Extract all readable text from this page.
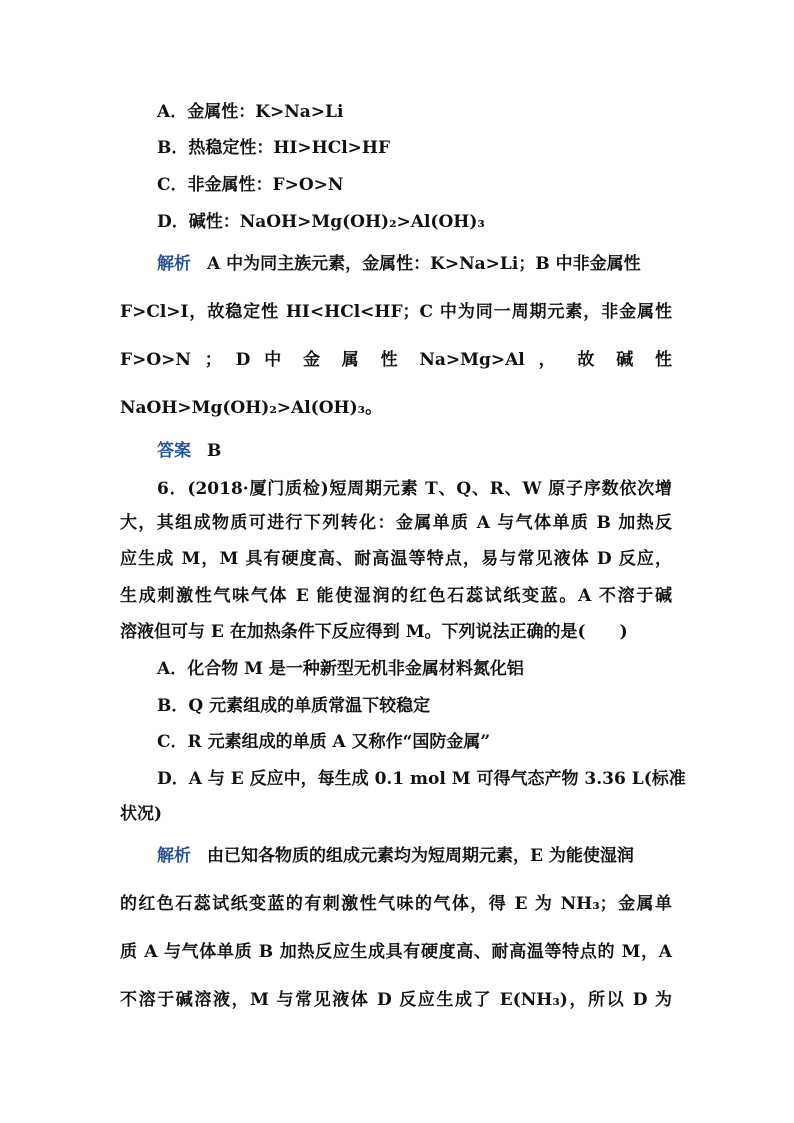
A．金属性：K>Na>Li
B．热稳定性：HI>HCl>HF
C．非金属性：F>O>N
D．碱性：NaOH>Mg(OH)₂>Al(OH)₃
解析 A 中为同主族元素，金属性：K>Na>Li；B 中非金属性
F>Cl>I，故稳定性 HI<HCl<HF；C 中为同一周期元素，非金属性
F>O>N ； D 中 金 属 性 Na>Mg>Al ， 故 碱 性
NaOH>Mg(OH)₂>Al(OH)₃。
答案 B
6．(2018·厦门质检)短周期元素 T、Q、R、W 原子序数依次增
大，其组成物质可进行下列转化：金属单质 A 与气体单质 B 加热反
应生成 M，M 具有硬度高、耐高温等特点，易与常见液体 D 反应，
生成刺激性气味气体 E 能使湿润的红色石蕊试纸变蓝。A 不溶于碱
溶液但可与 E 在加热条件下反应得到 M。下列说法正确的是(　　)
A．化合物 M 是一种新型无机非金属材料氮化铝
B．Q 元素组成的单质常温下较稳定
C．R 元素组成的单质 A 又称作“国防金属”
D．A 与 E 反应中，每生成 0.1 mol M 可得气态产物 3.36 L(标准
状况)
解析 由已知各物质的组成元素均为短周期元素，E 为能使湿润
的红色石蕊试纸变蓝的有刺激性气味的气体，得 E 为 NH₃；金属单
质 A 与气体单质 B 加热反应生成具有硬度高、耐高温等特点的 M，A
不溶于碱溶液，M 与常见液体 D 反应生成了 E(NH₃)，所以 D 为
